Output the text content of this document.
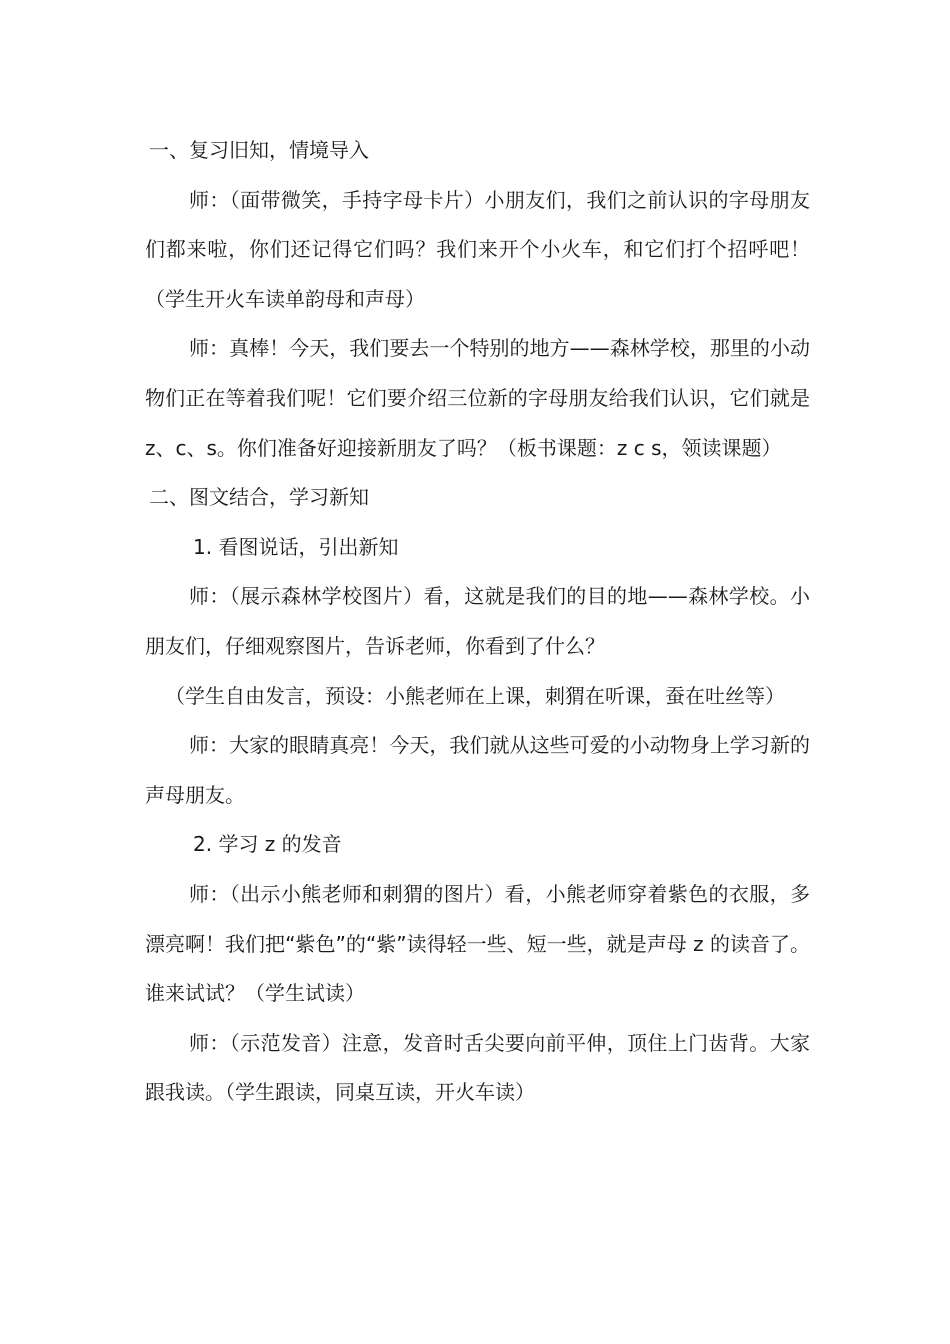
一、复习旧知，情境导入

师：（面带微笑，手持字母卡片）小朋友们，我们之前认识的字母朋友们都来啦，你们还记得它们吗？我们来开个小火车，和它们打个招呼吧！（学生开火车读单韵母和声母）

师：真棒！今天，我们要去一个特别的地方——森林学校，那里的小动物们正在等着我们呢！它们要介绍三位新的字母朋友给我们认识，它们就是 z、c、s。你们准备好迎接新朋友了吗？（板书课题：z c s，领读课题）

二、图文结合，学习新知

1. 看图说话，引出新知

师：（展示森林学校图片）看，这就是我们的目的地——森林学校。小朋友们，仔细观察图片，告诉老师，你看到了什么？

（学生自由发言，预设：小熊老师在上课，刺猬在听课，蚕在吐丝等）

师：大家的眼睛真亮！今天，我们就从这些可爱的小动物身上学习新的声母朋友。

2. 学习 z 的发音

师：（出示小熊老师和刺猬的图片）看，小熊老师穿着紫色的衣服，多漂亮啊！我们把“紫色”的“紫”读得轻一些、短一些，就是声母 z 的读音了。谁来试试？（学生试读）

师：（示范发音）注意，发音时舌尖要向前平伸，顶住上门齿背。大家跟我读。（学生跟读，同桌互读，开火车读）
